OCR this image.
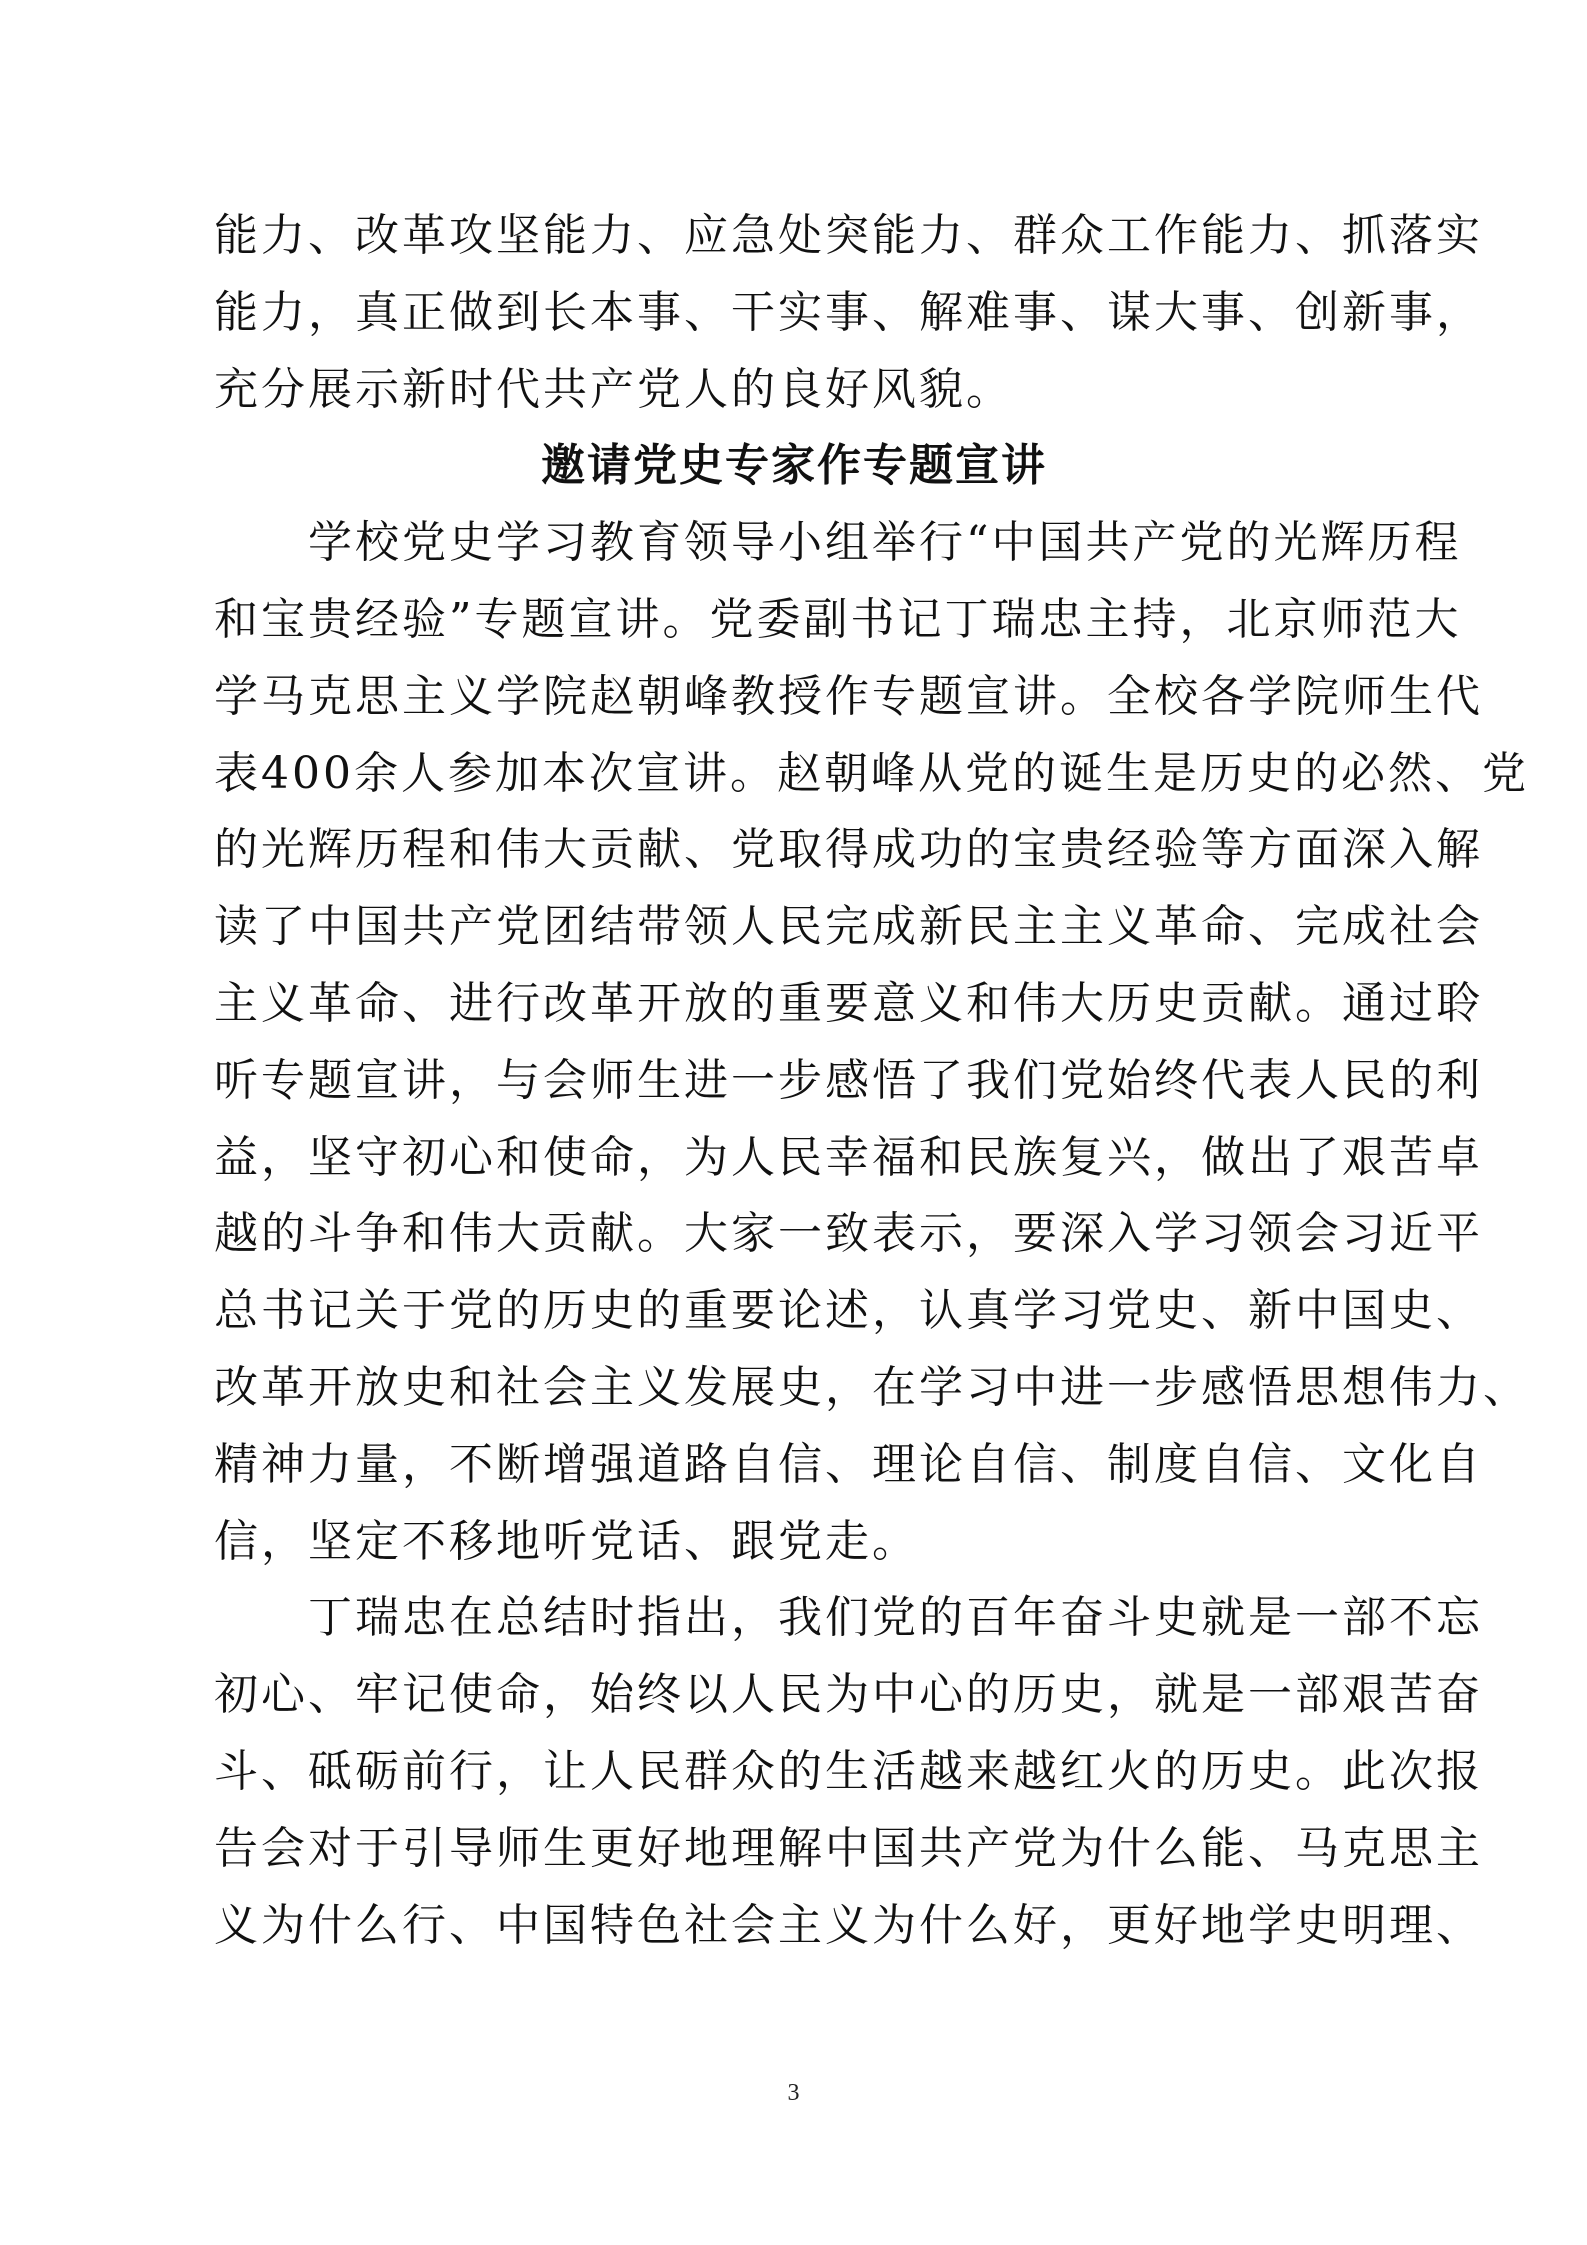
能力、改革攻坚能力、应急处突能力、群众工作能力、抓落实
能力，真正做到长本事、干实事、解难事、谋大事、创新事，
充分展示新时代共产党人的良好风貌。
邀请党史专家作专题宣讲
　　学校党史学习教育领导小组举行“中国共产党的光辉历程
和宝贵经验”专题宣讲。党委副书记丁瑞忠主持，北京师范大
学马克思主义学院赵朝峰教授作专题宣讲。全校各学院师生代
表400余人参加本次宣讲。赵朝峰从党的诞生是历史的必然、党
的光辉历程和伟大贡献、党取得成功的宝贵经验等方面深入解
读了中国共产党团结带领人民完成新民主主义革命、完成社会
主义革命、进行改革开放的重要意义和伟大历史贡献。通过聆
听专题宣讲，与会师生进一步感悟了我们党始终代表人民的利
益，坚守初心和使命，为人民幸福和民族复兴，做出了艰苦卓
越的斗争和伟大贡献。大家一致表示，要深入学习领会习近平
总书记关于党的历史的重要论述，认真学习党史、新中国史、
改革开放史和社会主义发展史，在学习中进一步感悟思想伟力、
精神力量，不断增强道路自信、理论自信、制度自信、文化自
信，坚定不移地听党话、跟党走。
　　丁瑞忠在总结时指出，我们党的百年奋斗史就是一部不忘
初心、牢记使命，始终以人民为中心的历史，就是一部艰苦奋
斗、砥砺前行，让人民群众的生活越来越红火的历史。此次报
告会对于引导师生更好地理解中国共产党为什么能、马克思主
义为什么行、中国特色社会主义为什么好，更好地学史明理、
3
